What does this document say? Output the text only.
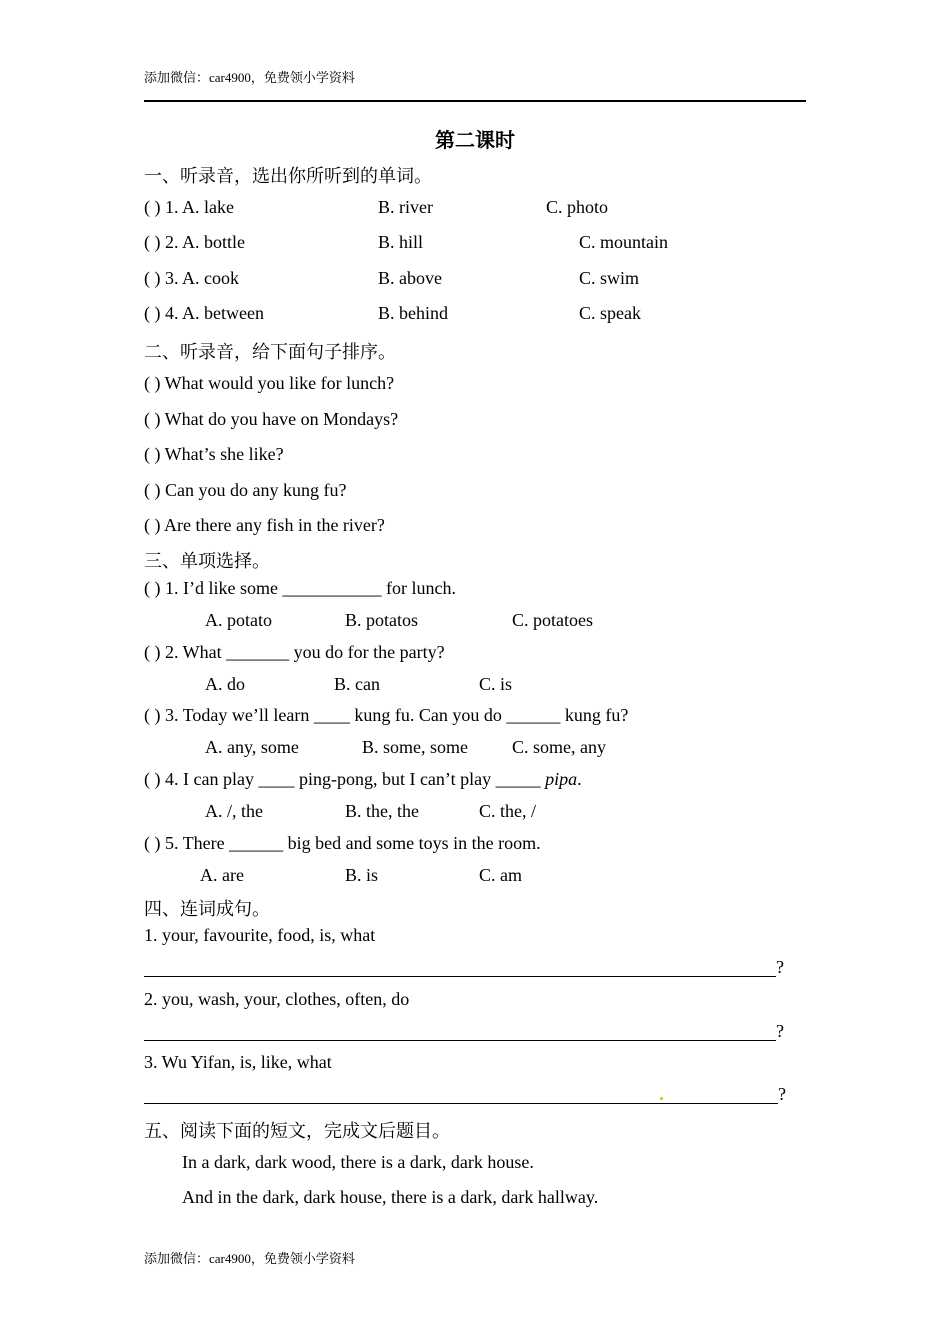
添加微信：car4900，免费领小学资料
第二课时
一、听录音，选出你所听到的单词。
( ) 1. A. lake	B. river	C. photo
( ) 2. A. bottle	B. hill	C. mountain
( ) 3. A. cook	B. above	C. swim
( ) 4. A. between	B. behind	C. speak
二、听录音，给下面句子排序。
( ) What would you like for lunch?
( ) What do you have on Mondays?
( ) What’s she like?
( ) Can you do any kung fu?
( ) Are there any fish in the river?
三、单项选择。
( ) 1. I’d like some ___________ for lunch.
A. potato	B. potatos	C. potatoes
( ) 2. What _______ you do for the party?
A. do	B. can	C. is
( ) 3. Today we’ll learn ____ kung fu. Can you do ______ kung fu?
A. any, some	B. some, some C. some, any
( ) 4. I can play ____ ping-pong, but I can’t play _____ pipa.
A. /, the	B. the, the	C. the, /
( ) 5. There ______ big bed and some toys in the room.
A. are	B. is	C. am
四、连词成句。
1. your, favourite, food, is, what
?
2. you, wash, your, clothes, often, do
?
3. Wu Yifan, is, like, what
?
五、阅读下面的短文，完成文后题目。
In a dark, dark wood, there is a dark, dark house.
And in the dark, dark house, there is a dark, dark hallway.
添加微信：car4900，免费领小学资料
